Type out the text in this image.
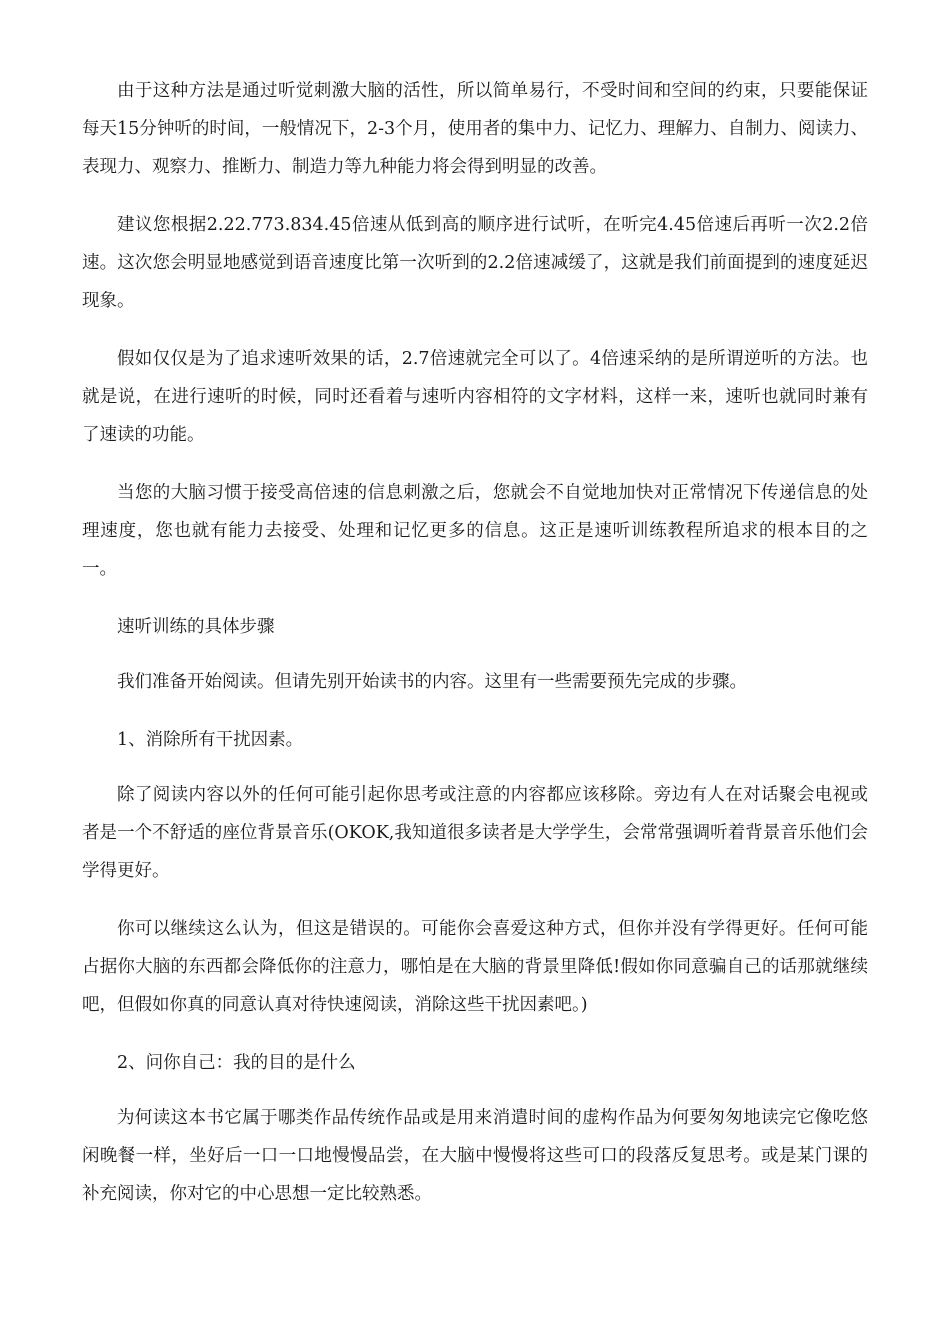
由于这种方法是通过听觉刺激大脑的活性，所以简单易行，不受时间和空间的约束，只要能保证每天15分钟听的时间，一般情况下，2-3个月，使用者的集中力、记忆力、理解力、自制力、阅读力、表现力、观察力、推断力、制造力等九种能力将会得到明显的改善。

建议您根据2.22.773.834.45倍速从低到高的顺序进行试听，在听完4.45倍速后再听一次2.2倍速。这次您会明显地感觉到语音速度比第一次听到的2.2倍速减缓了，这就是我们前面提到的速度延迟现象。

假如仅仅是为了追求速听效果的话，2.7倍速就完全可以了。4倍速采纳的是所谓逆听的方法。也就是说，在进行速听的时候，同时还看着与速听内容相符的文字材料，这样一来，速听也就同时兼有了速读的功能。

当您的大脑习惯于接受高倍速的信息刺激之后，您就会不自觉地加快对正常情况下传递信息的处理速度，您也就有能力去接受、处理和记忆更多的信息。这正是速听训练教程所追求的根本目的之一。

速听训练的具体步骤

我们准备开始阅读。但请先别开始读书的内容。这里有一些需要预先完成的步骤。

1、消除所有干扰因素。

除了阅读内容以外的任何可能引起你思考或注意的内容都应该移除。旁边有人在对话聚会电视或者是一个不舒适的座位背景音乐(OKOK,我知道很多读者是大学学生，会常常强调听着背景音乐他们会学得更好。

你可以继续这么认为，但这是错误的。可能你会喜爱这种方式，但你并没有学得更好。任何可能占据你大脑的东西都会降低你的注意力，哪怕是在大脑的背景里降低!假如你同意骗自己的话那就继续吧，但假如你真的同意认真对待快速阅读，消除这些干扰因素吧。)

2、问你自己：我的目的是什么

为何读这本书它属于哪类作品传统作品或是用来消遣时间的虚构作品为何要匆匆地读完它像吃悠闲晚餐一样，坐好后一口一口地慢慢品尝，在大脑中慢慢将这些可口的段落反复思考。或是某门课的补充阅读，你对它的中心思想一定比较熟悉。
